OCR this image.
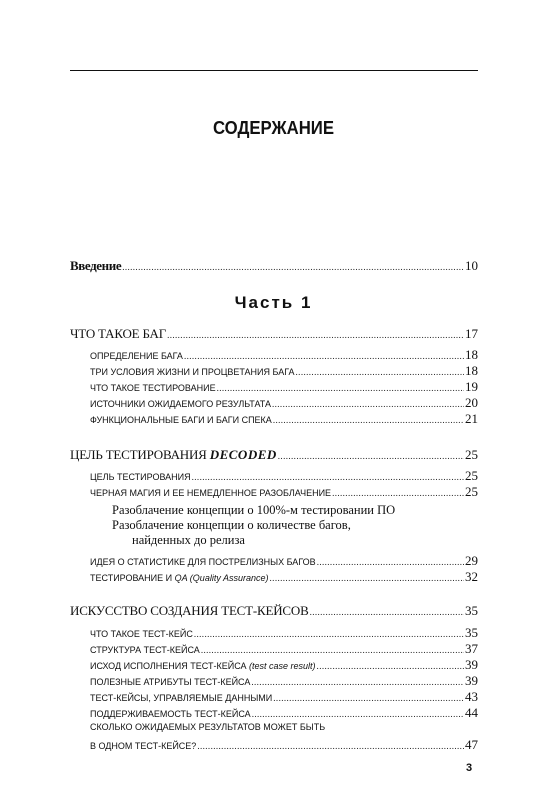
СОДЕРЖАНИЕ
Введение .....	10
Часть 1
ЧТО ТАКОЕ БАГ .....	17
ОПРЕДЕЛЕНИЕ БАГА .....	18
ТРИ УСЛОВИЯ ЖИЗНИ И ПРОЦВЕТАНИЯ БАГА .....	18
ЧТО ТАКОЕ ТЕСТИРОВАНИЕ .....	19
ИСТОЧНИКИ ОЖИДАЕМОГО РЕЗУЛЬТАТА .....	20
ФУНКЦИОНАЛЬНЫЕ БАГИ И БАГИ СПЕКА .....	21
ЦЕЛЬ ТЕСТИРОВАНИЯ DECODED .....	25
ЦЕЛЬ ТЕСТИРОВАНИЯ .....	25
ЧЕРНАЯ МАГИЯ И ЕЕ НЕМЕДЛЕННОЕ РАЗОБЛАЧЕНИЕ .....	25
Разоблачение концепции о 100%-м тестировании ПО
Разоблачение концепции о количестве багов,
найденных до релиза
ИДЕЯ О СТАТИСТИКЕ ДЛЯ ПОСТРЕЛИЗНЫХ БАГОВ .....	29
ТЕСТИРОВАНИЕ И QA (Quality Assurance) .....	32
ИСКУССТВО СОЗДАНИЯ ТЕСТ-КЕЙСОВ .....	35
ЧТО ТАКОЕ ТЕСТ-КЕЙС .....	35
СТРУКТУРА ТЕСТ-КЕЙСА .....	37
ИСХОД ИСПОЛНЕНИЯ ТЕСТ-КЕЙСА (test case result) .....	39
ПОЛЕЗНЫЕ АТРИБУТЫ ТЕСТ-КЕЙСА .....	39
ТЕСТ-КЕЙСЫ, УПРАВЛЯЕМЫЕ ДАННЫМИ .....	43
ПОДДЕРЖИВАЕМОСТЬ ТЕСТ-КЕЙСА .....	44
СКОЛЬКО ОЖИДАЕМЫХ РЕЗУЛЬТАТОВ МОЖЕТ БЫТЬ
В ОДНОМ ТЕСТ-КЕЙСЕ? .....	47
3
